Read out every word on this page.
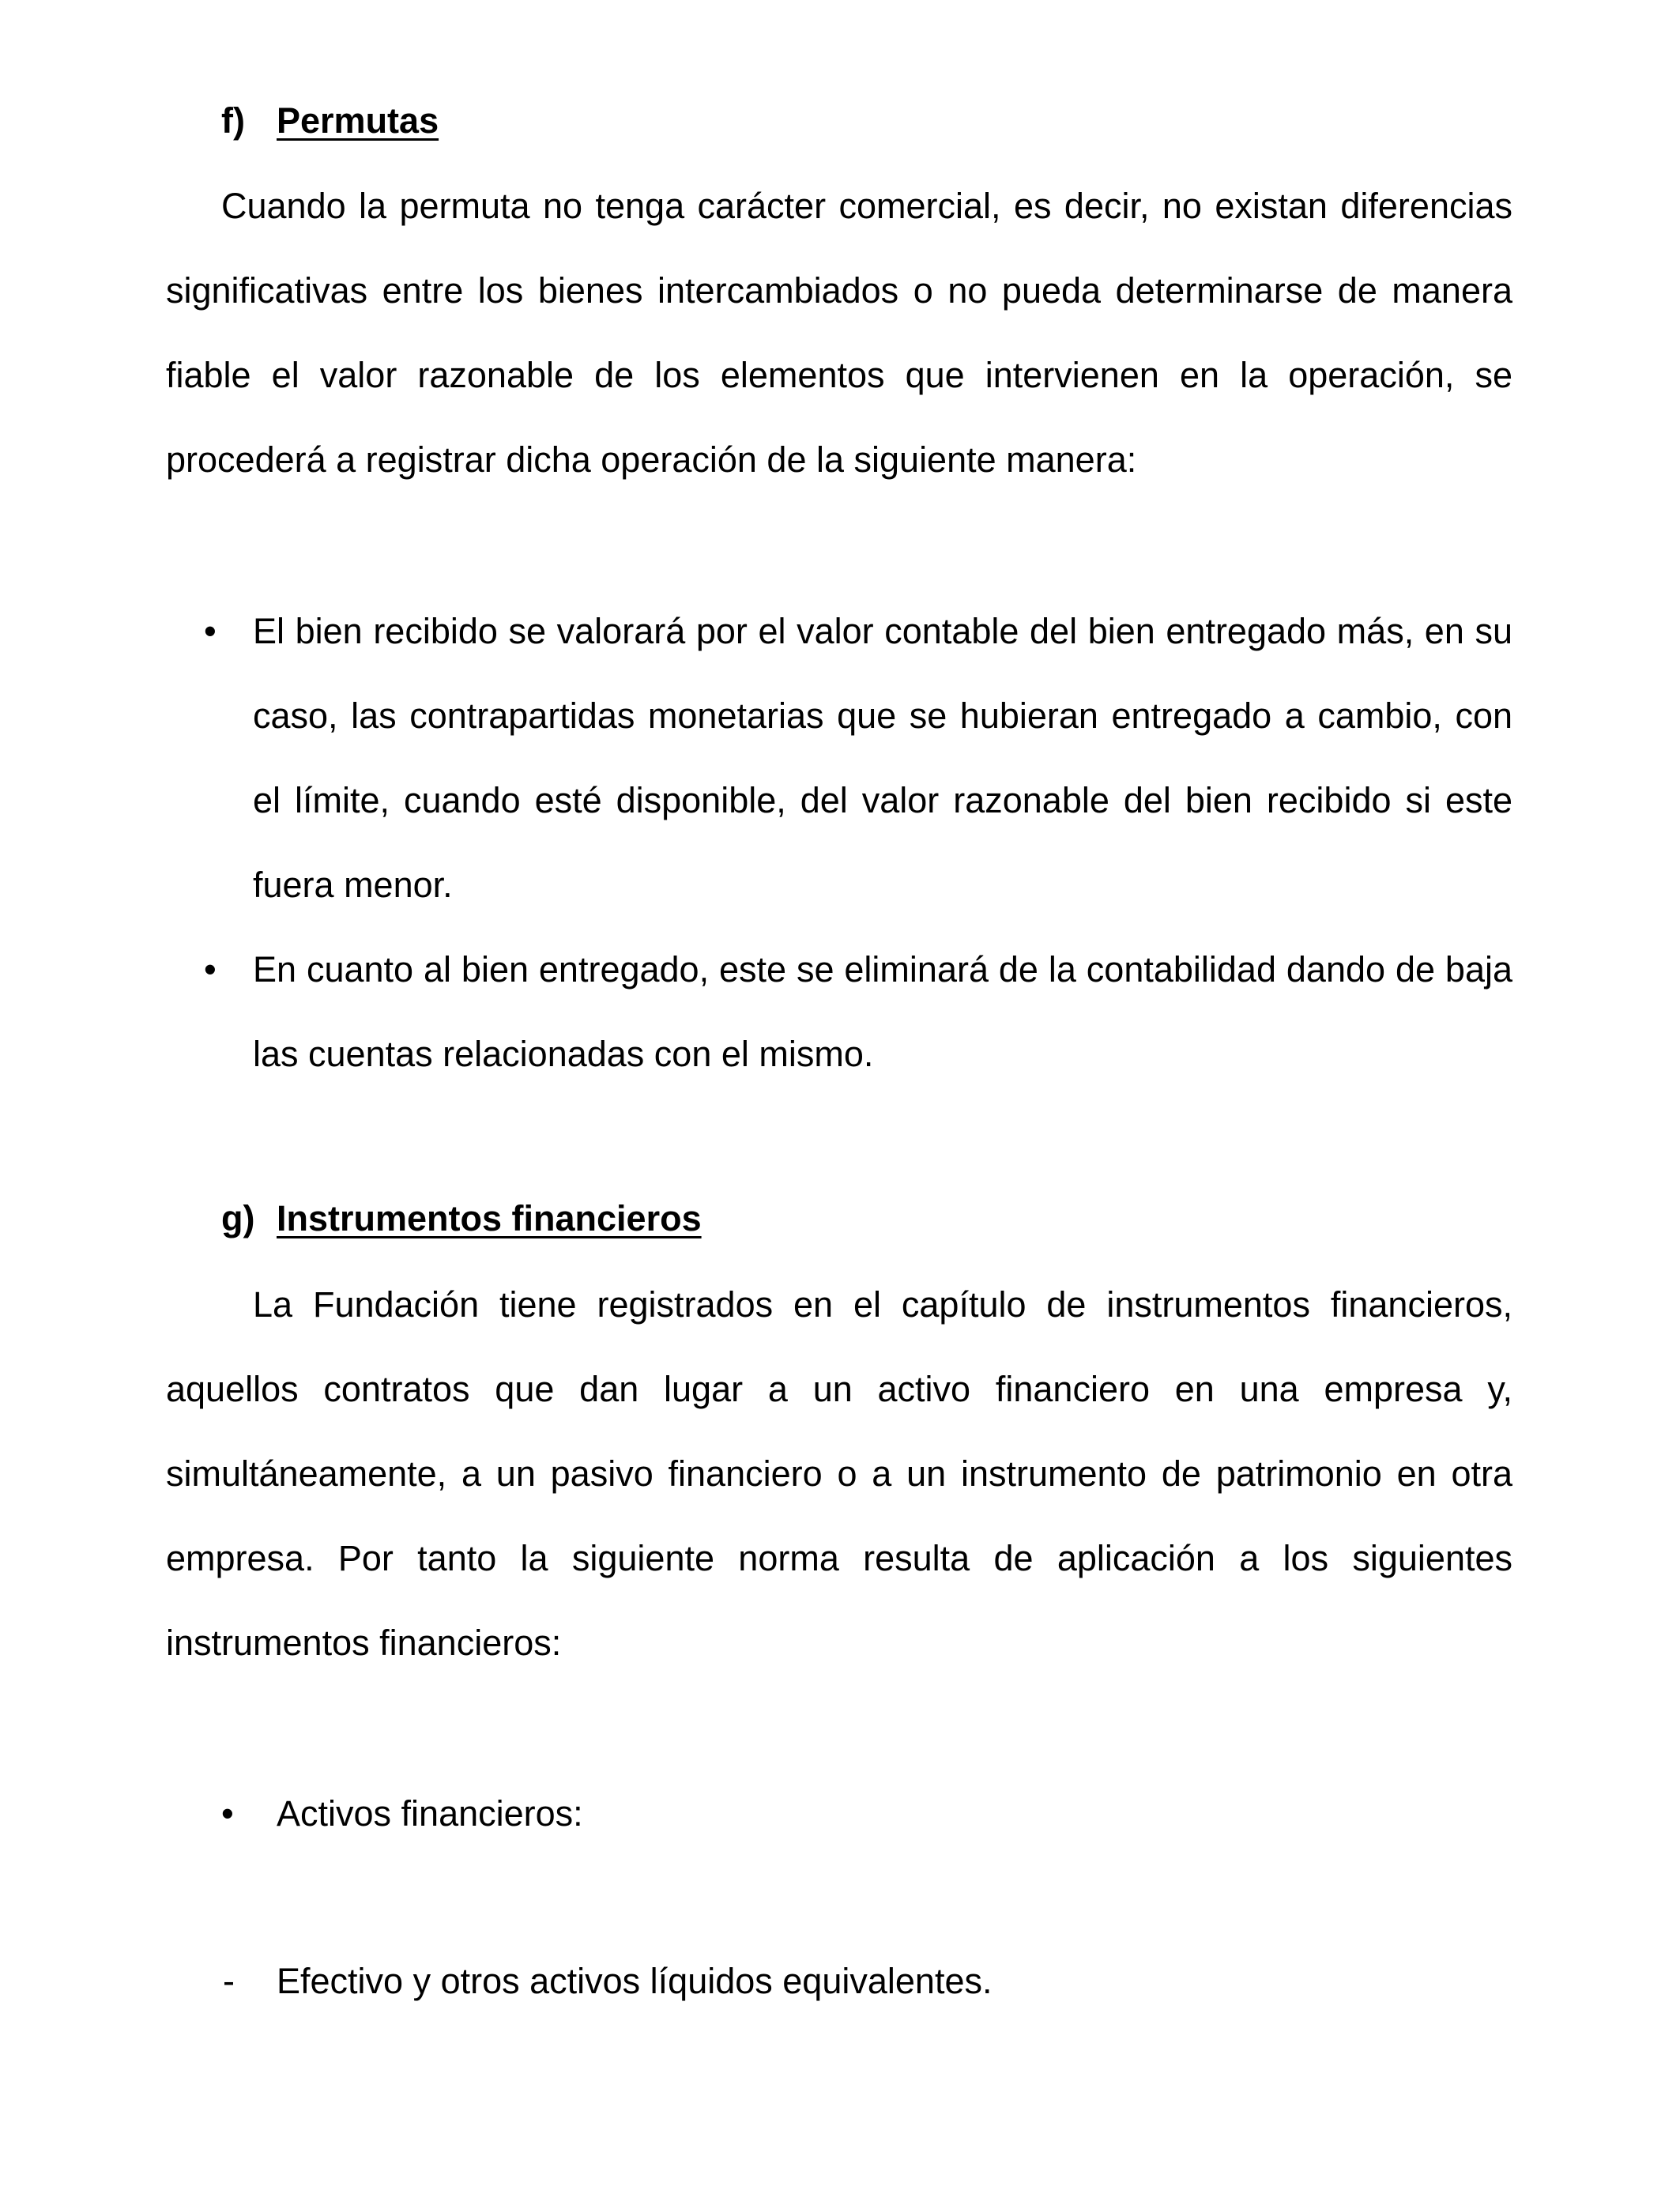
f) Permutas
Cuando la permuta no tenga carácter comercial, es decir, no existan diferencias significativas entre los bienes intercambiados o no pueda determinarse de manera fiable el valor razonable de los elementos que intervienen en la operación, se procederá a registrar dicha operación de la siguiente manera:
•	El bien recibido se valorará por el valor contable del bien entregado más, en su caso, las contrapartidas monetarias que se hubieran entregado a cambio, con el límite, cuando esté disponible, del valor razonable del bien recibido si este fuera menor.
•	En cuanto al bien entregado, este se eliminará de la contabilidad dando de baja las cuentas relacionadas con el mismo.
g) Instrumentos financieros
La Fundación tiene registrados en el capítulo de instrumentos financieros, aquellos contratos que dan lugar a un activo financiero en una empresa y, simultáneamente, a un pasivo financiero o a un instrumento de patrimonio en otra empresa. Por tanto la siguiente norma resulta de aplicación a los siguientes instrumentos financieros:
• Activos financieros:
- Efectivo y otros activos líquidos equivalentes.
